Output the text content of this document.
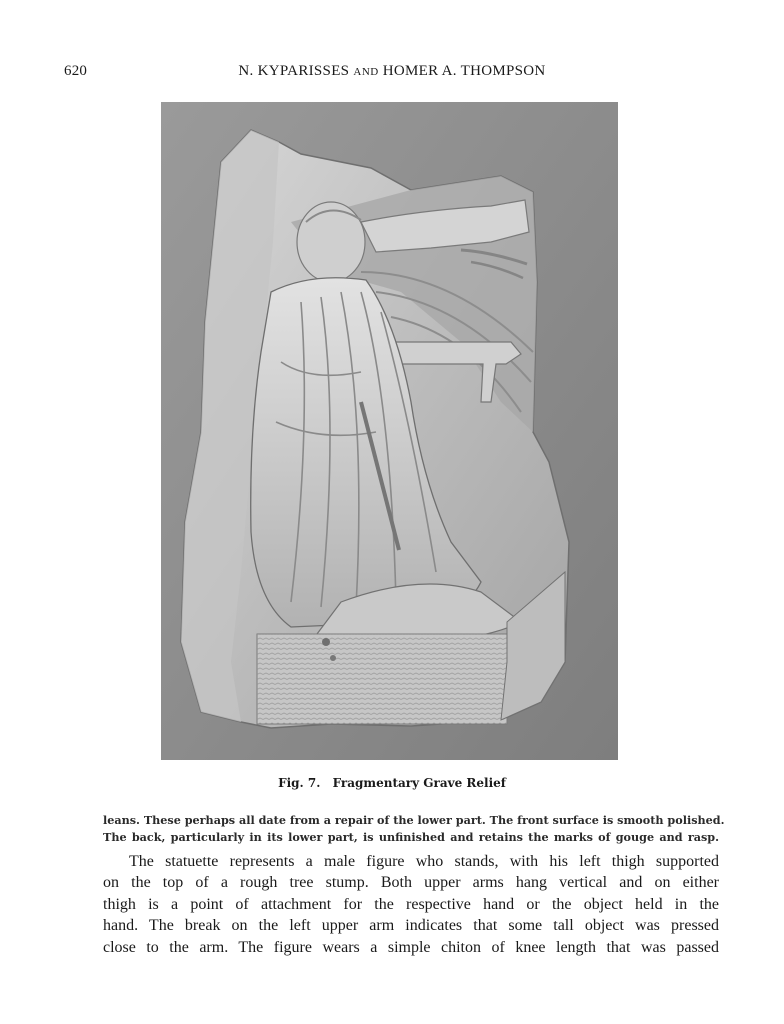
620	N. KYPARISSES AND HOMER A. THOMPSON
Fig. 7. Fragmentary Grave Relief

leans. These perhaps all date from a repair of the lower part. The front surface is smooth polished.

The back, particularly in its lower part, is unfinished and retains the marks of gouge and rasp.

The statuette represents a male figure who stands, with his left thigh supported
on the top of a rough tree stump. Both upper arms hang vertical and on either
thigh is a point of attachment for the respective hand or the object held in the
hand. The break on the left upper arm indicates that some tall object was pressed
close to the arm. The figure wears a simple chiton of knee length that was passed
